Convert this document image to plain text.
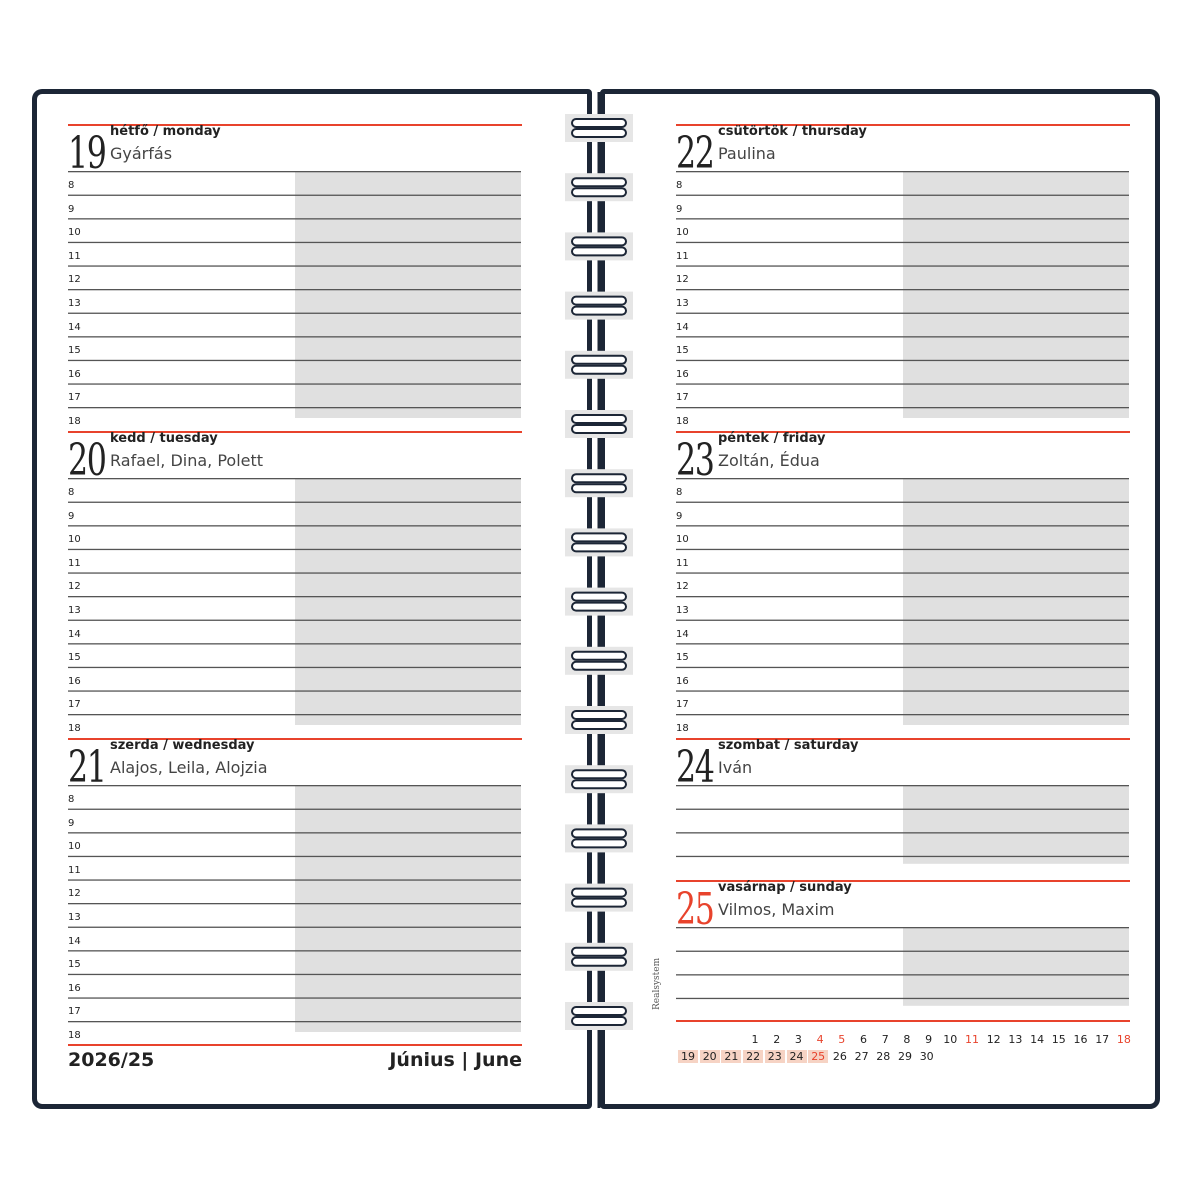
19 hétfő / monday
Gyárfás
8
9
10
11
12
13
14
15
16
17
18
20 kedd / tuesday
Rafael, Dina, Polett
8
9
10
11
12
13
14
15
16
17
18
21 szerda / wednesday
Alajos, Leila, Alojzia
8
9
10
11
12
13
14
15
16
17
18
22 csütörtök / thursday
Paulina
8
9
10
11
12
13
14
15
16
17
18
23 péntek / friday
Zoltán, Édua
8
9
10
11
12
13
14
15
16
17
18
24 szombat / saturday
Iván
25 vasárnap / sunday
Vilmos, Maxim
2026/25	Június | June
Realsystem
1	2	3	4	5	6	7	8	9	10 11 12 13 14 15 16 17 18
19 20 21 22 23 24 25 26 27 28 29 30
